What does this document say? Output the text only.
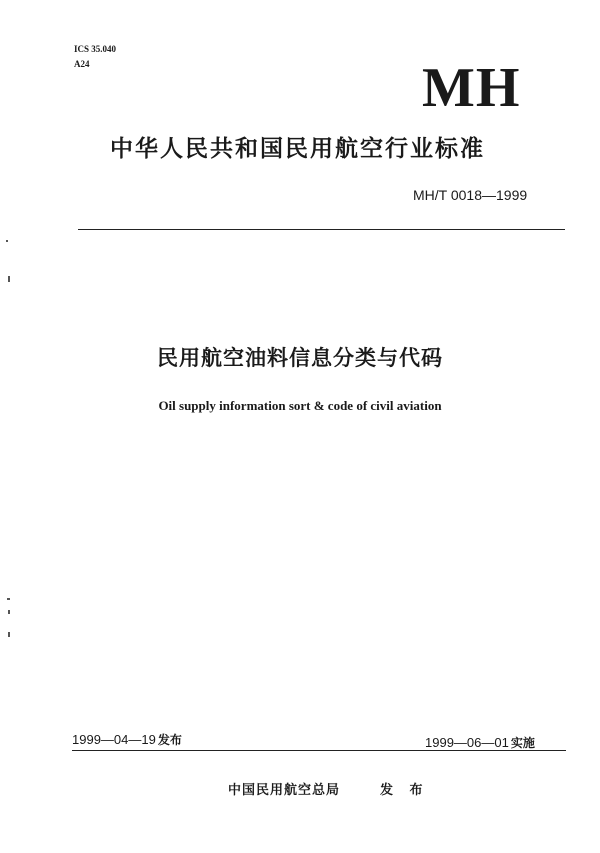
ICS 35.040
A24	MH
中华人民共和国民用航空行业标准
MH/T 0018—1999
民用航空油料信息分类与代码
Oil supply information sort & code of civil aviation
1999—04—19 发布	1999—06—01 实施
中国民用航空总局	发 布
